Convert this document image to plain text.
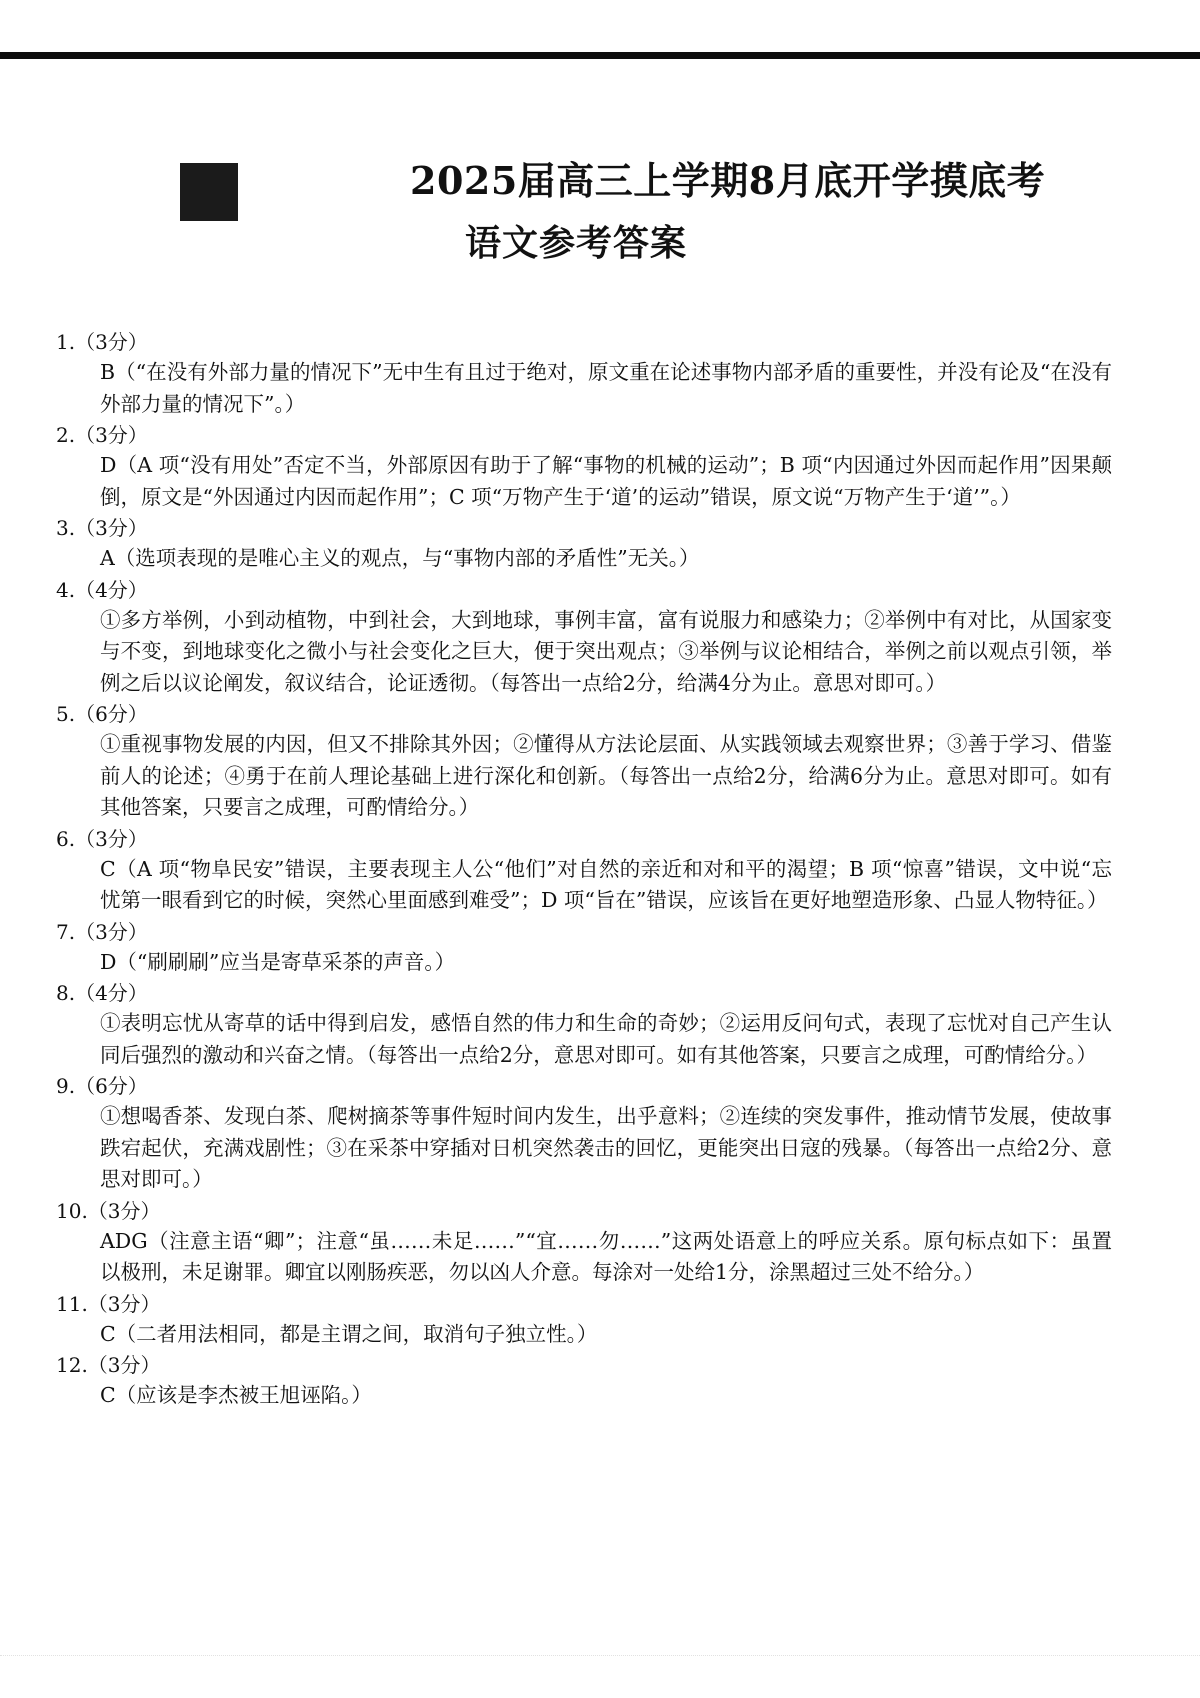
2025届高三上学期8月底开学摸底考
语文参考答案
1.（3分）
B（“在没有外部力量的情况下”无中生有且过于绝对，原文重在论述事物内部矛盾的重要性，并没有论及“在没有外部力量的情况下”。）
2.（3分）
D（A 项“没有用处”否定不当，外部原因有助于了解“事物的机械的运动”；B 项“内因通过外因而起作用”因果颠倒，原文是“外因通过内因而起作用”；C 项“万物产生于‘道’的运动”错误，原文说“万物产生于‘道’”。）
3.（3分）
A（选项表现的是唯心主义的观点，与“事物内部的矛盾性”无关。）
4.（4分）
①多方举例，小到动植物，中到社会，大到地球，事例丰富，富有说服力和感染力；②举例中有对比，从国家变与不变，到地球变化之微小与社会变化之巨大，便于突出观点；③举例与议论相结合，举例之前以观点引领，举例之后以议论阐发，叙议结合，论证透彻。（每答出一点给2分，给满4分为止。意思对即可。）
5.（6分）
①重视事物发展的内因，但又不排除其外因；②懂得从方法论层面、从实践领域去观察世界；③善于学习、借鉴前人的论述；④勇于在前人理论基础上进行深化和创新。（每答出一点给2分，给满6分为止。意思对即可。如有其他答案，只要言之成理，可酌情给分。）
6.（3分）
C（A 项“物阜民安”错误，主要表现主人公“他们”对自然的亲近和对和平的渴望；B 项“惊喜”错误，文中说“忘忧第一眼看到它的时候，突然心里面感到难受”；D 项“旨在”错误，应该旨在更好地塑造形象、凸显人物特征。）
7.（3分）
D（“刷刷刷”应当是寄草采茶的声音。）
8.（4分）
①表明忘忧从寄草的话中得到启发，感悟自然的伟力和生命的奇妙；②运用反问句式，表现了忘忧对自己产生认同后强烈的激动和兴奋之情。（每答出一点给2分，意思对即可。如有其他答案，只要言之成理，可酌情给分。）
9.（6分）
①想喝香茶、发现白茶、爬树摘茶等事件短时间内发生，出乎意料；②连续的突发事件，推动情节发展，使故事跌宕起伏，充满戏剧性；③在采茶中穿插对日机突然袭击的回忆，更能突出日寇的残暴。（每答出一点给2分、意思对即可。）
10.（3分）
ADG（注意主语“卿”；注意“虽……未足……”“宜……勿……”这两处语意上的呼应关系。原句标点如下：虽置以极刑，未足谢罪。卿宜以刚肠疾恶，勿以凶人介意。每涂对一处给1分，涂黑超过三处不给分。）
11.（3分）
C（二者用法相同，都是主谓之间，取消句子独立性。）
12.（3分）
C（应该是李杰被王旭诬陷。）
